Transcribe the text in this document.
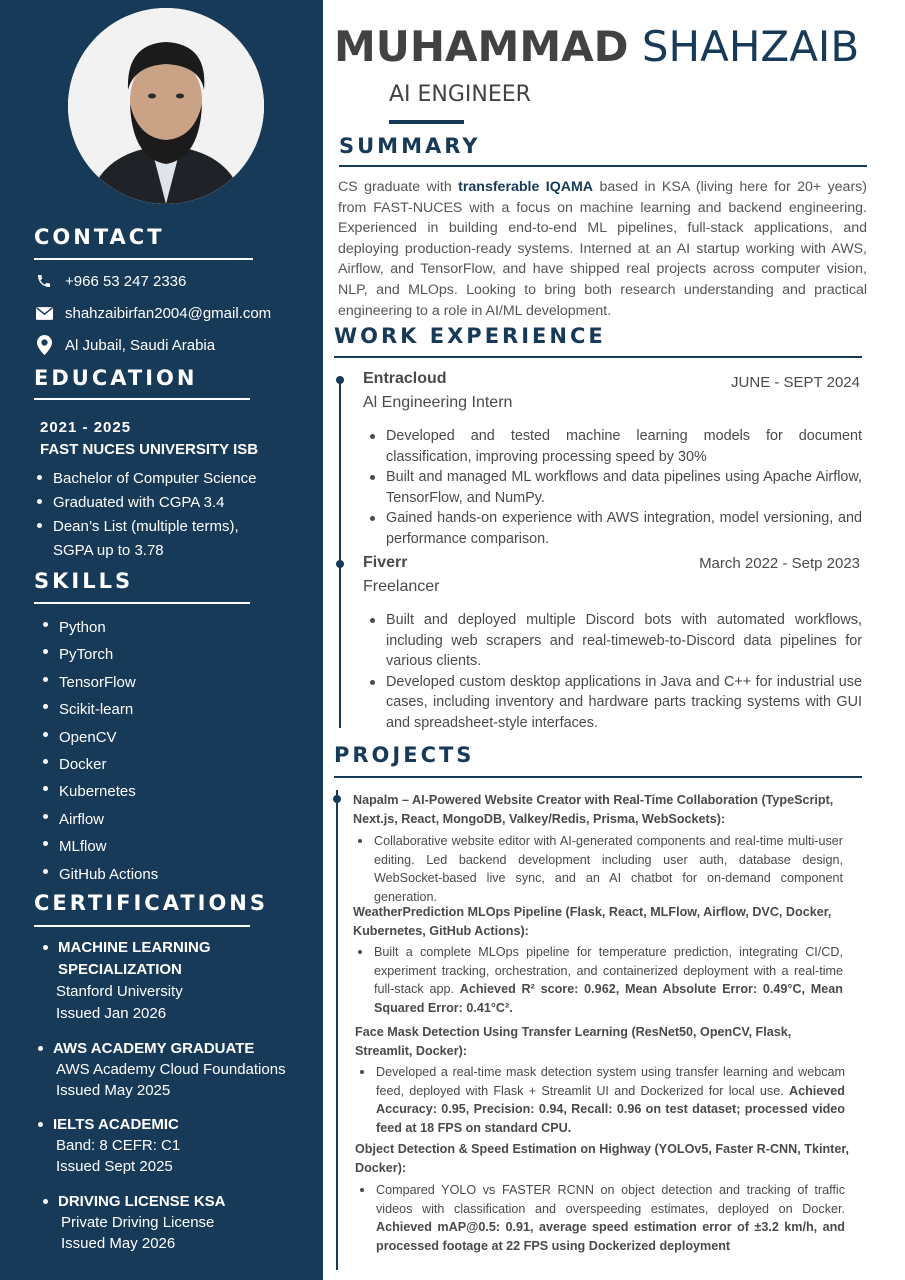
CONTACT
+966 53 247 2336
shahzaibirfan2004@gmail.com
Al Jubail, Saudi Arabia
EDUCATION
2021 - 2025
FAST NUCES UNIVERSITY ISB
Bachelor of Computer Science
Graduated with CGPA 3.4
Dean’s List (multiple terms), SGPA up to 3.78
SKILLS
Python
PyTorch
TensorFlow
Scikit-learn
OpenCV
Docker
Kubernetes
Airflow
MLflow
GitHub Actions
CERTIFICATIONS
MACHINE LEARNING SPECIALIZATION
Stanford University
Issued Jan 2026
AWS ACADEMY GRADUATE
AWS Academy Cloud Foundations
Issued May 2025
IELTS ACADEMIC
Band: 8 CEFR: C1
Issued Sept 2025
DRIVING LICENSE KSA
Private Driving License
Issued May 2026
MUHAMMAD SHAHZAIB
AI ENGINEER
SUMMARY
CS graduate with transferable IQAMA based in KSA (living here for 20+ years) from FAST-NUCES with a focus on machine learning and backend engineering. Experienced in building end-to-end ML pipelines, full-stack applications, and deploying production-ready systems. Interned at an AI startup working with AWS, Airflow, and TensorFlow, and have shipped real projects across computer vision, NLP, and MLOps. Looking to bring both research understanding and practical engineering to a role in AI/ML development.
WORK EXPERIENCE
Entracloud	JUNE - SEPT 2024
Al Engineering Intern
Developed and tested machine learning models for document classification, improving processing speed by 30%
Built and managed ML workflows and data pipelines using Apache Airflow, TensorFlow, and NumPy.
Gained hands-on experience with AWS integration, model versioning, and performance comparison.
Fiverr	March 2022 - Setp 2023
Freelancer
Built and deployed multiple Discord bots with automated workflows, including web scrapers and real-timeweb-to-Discord data pipelines for various clients.
Developed custom desktop applications in Java and C++ for industrial use cases, including inventory and hardware parts tracking systems with GUI and spreadsheet-style interfaces.
PROJECTS
Napalm – AI-Powered Website Creator with Real-Time Collaboration (TypeScript, Next.js, React, MongoDB, Valkey/Redis, Prisma, WebSockets):
Collaborative website editor with AI-generated components and real-time multi-user editing. Led backend development including user auth, database design, WebSocket-based live sync, and an AI chatbot for on-demand component generation.
WeatherPrediction MLOps Pipeline (Flask, React, MLFlow, Airflow, DVC, Docker, Kubernetes, GitHub Actions):
Built a complete MLOps pipeline for temperature prediction, integrating CI/CD, experiment tracking, orchestration, and containerized deployment with a real-time full-stack app. Achieved R² score: 0.962, Mean Absolute Error: 0.49°C, Mean Squared Error: 0.41°C².
Face Mask Detection Using Transfer Learning (ResNet50, OpenCV, Flask, Streamlit, Docker):
Developed a real-time mask detection system using transfer learning and webcam feed, deployed with Flask + Streamlit UI and Dockerized for local use. Achieved Accuracy: 0.95, Precision: 0.94, Recall: 0.96 on test dataset; processed video feed at 18 FPS on standard CPU.
Object Detection & Speed Estimation on Highway (YOLOv5, Faster R-CNN, Tkinter, Docker):
Compared YOLO vs FASTER RCNN on object detection and tracking of traffic videos with classification and overspeeding estimates, deployed on Docker. Achieved mAP@0.5: 0.91, average speed estimation error of ±3.2 km/h, and processed footage at 22 FPS using Dockerized deployment
